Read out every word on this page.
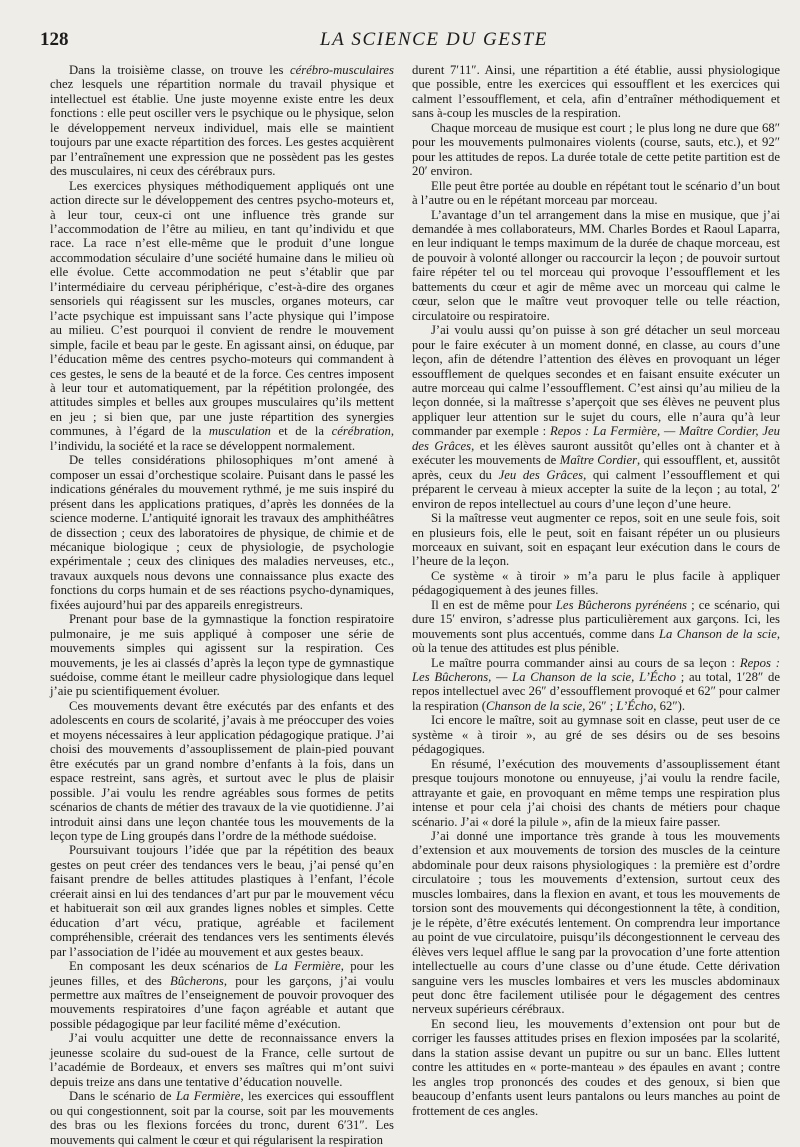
128	LA SCIENCE DU GESTE

Dans la troisième classe, on trouve les cérébro-musculaires chez lesquels une répartition normale du travail physique et intellectuel est établie. Une juste moyenne existe entre les deux fonctions : elle peut osciller vers le psychique ou le physique, selon le développement nerveux individuel, mais elle se maintient toujours par une exacte répartition des forces. Les gestes acquièrent par l’entraînement une expression que ne possèdent pas les gestes des musculaires, ni ceux des cérébraux purs.

Les exercices physiques méthodiquement appliqués ont une action directe sur le développement des centres psycho-moteurs et, à leur tour, ceux-ci ont une influence très grande sur l’accommodation de l’être au milieu, en tant qu’individu et que race. La race n’est elle-même que le produit d’une longue accommodation séculaire d’une société humaine dans le milieu où elle évolue. Cette accommodation ne peut s’établir que par l’intermédiaire du cerveau périphérique, c’est-à-dire des organes sensoriels qui réagissent sur les muscles, organes moteurs, car l’acte psychique est impuissant sans l’acte physique qui l’impose au milieu. C’est pourquoi il convient de rendre le mouvement simple, facile et beau par le geste. En agissant ainsi, on éduque, par l’éducation même des centres psycho-moteurs qui commandent à ces gestes, le sens de la beauté et de la force. Ces centres imposent à leur tour et automatiquement, par la répétition prolongée, des attitudes simples et belles aux groupes musculaires qu’ils mettent en jeu ; si bien que, par une juste répartition des synergies communes, à l’égard de la musculation et de la cérébration, l’individu, la société et la race se développent normalement.

De telles considérations philosophiques m’ont amené à composer un essai d’orchestique scolaire. Puisant dans le passé les indications générales du mouvement rythmé, je me suis inspiré du présent dans les applications pratiques, d’après les données de la science moderne. L’antiquité ignorait les travaux des amphithéâtres de dissection ; ceux des laboratoires de physique, de chimie et de mécanique biologique ; ceux de physiologie, de psychologie expérimentale ; ceux des cliniques des maladies nerveuses, etc., travaux auxquels nous devons une connaissance plus exacte des fonctions du corps humain et de ses réactions psycho-dynamiques, fixées aujourd’hui par des appareils enregistreurs.

Prenant pour base de la gymnastique la fonction respiratoire pulmonaire, je me suis appliqué à composer une série de mouvements simples qui agissent sur la respiration. Ces mouvements, je les ai classés d’après la leçon type de gymnastique suédoise, comme étant le meilleur cadre physiologique dans lequel j’aie pu scientifiquement évoluer.

Ces mouvements devant être exécutés par des enfants et des adolescents en cours de scolarité, j’avais à me préoccuper des voies et moyens nécessaires à leur application pédagogique pratique. J’ai choisi des mouvements d’assouplissement de plain-pied pouvant être exécutés par un grand nombre d’enfants à la fois, dans un espace restreint, sans agrès, et surtout avec le plus de plaisir possible. J’ai voulu les rendre agréables sous formes de petits scénarios de chants de métier des travaux de la vie quotidienne. J’ai introduit ainsi dans une leçon chantée tous les mouvements de la leçon type de Ling groupés dans l’ordre de la méthode suédoise.

Poursuivant toujours l’idée que par la répétition des beaux gestes on peut créer des tendances vers le beau, j’ai pensé qu’en faisant prendre de belles attitudes plastiques à l’enfant, l’école créerait ainsi en lui des tendances d’art pur par le mouvement vécu et habituerait son œil aux grandes lignes nobles et simples. Cette éducation d’art vécu, pratique, agréable et facilement compréhensible, créerait des tendances vers les sentiments élevés par l’association de l’idée au mouvement et aux gestes beaux.

En composant les deux scénarios de La Fermière, pour les jeunes filles, et des Bûcherons, pour les garçons, j’ai voulu permettre aux maîtres de l’enseignement de pouvoir provoquer des mouvements respiratoires d’une façon agréable et autant que possible pédagogique par leur facilité même d’exécution.

J’ai voulu acquitter une dette de reconnaissance envers la jeunesse scolaire du sud-ouest de la France, celle surtout de l’académie de Bordeaux, et envers ses maîtres qui m’ont suivi depuis treize ans dans une tentative d’éducation nouvelle.

Dans le scénario de La Fermière, les exercices qui essoufflent ou qui congestionnent, soit par la course, soit par les mouvements des bras ou les flexions forcées du tronc, durent 6′31″. Les mouvements qui calment le cœur et qui régularisent la respiration

durent 7′11″. Ainsi, une répartition a été établie, aussi physiologique que possible, entre les exercices qui essoufflent et les exercices qui calment l’essoufflement, et cela, afin d’entraîner méthodiquement et sans à-coup les muscles de la respiration.

Chaque morceau de musique est court ; le plus long ne dure que 68″ pour les mouvements pulmonaires violents (course, sauts, etc.), et 92″ pour les attitudes de repos. La durée totale de cette petite partition est de 20′ environ.

Elle peut être portée au double en répétant tout le scénario d’un bout à l’autre ou en le répétant morceau par morceau.

L’avantage d’un tel arrangement dans la mise en musique, que j’ai demandée à mes collaborateurs, MM. Charles Bordes et Raoul Laparra, en leur indiquant le temps maximum de la durée de chaque morceau, est de pouvoir à volonté allonger ou raccourcir la leçon ; de pouvoir surtout faire répéter tel ou tel morceau qui provoque l’essoufflement et les battements du cœur et agir de même avec un morceau qui calme le cœur, selon que le maître veut provoquer telle ou telle réaction, circulatoire ou respiratoire.

J’ai voulu aussi qu’on puisse à son gré détacher un seul morceau pour le faire exécuter à un moment donné, en classe, au cours d’une leçon, afin de détendre l’attention des élèves en provoquant un léger essoufflement de quelques secondes et en faisant ensuite exécuter un autre morceau qui calme l’essoufflement. C’est ainsi qu’au milieu de la leçon donnée, si la maîtresse s’aperçoit que ses élèves ne peuvent plus appliquer leur attention sur le sujet du cours, elle n’aura qu’à leur commander par exemple : Repos : La Fermière, — Maître Cordier, Jeu des Grâces, et les élèves sauront aussitôt qu’elles ont à chanter et à exécuter les mouvements de Maître Cordier, qui essoufflent, et, aussitôt après, ceux du Jeu des Grâces, qui calment l’essoufflement et qui préparent le cerveau à mieux accepter la suite de la leçon ; au total, 2′ environ de repos intellectuel au cours d’une leçon d’une heure.

Si la maîtresse veut augmenter ce repos, soit en une seule fois, soit en plusieurs fois, elle le peut, soit en faisant répéter un ou plusieurs morceaux en suivant, soit en espaçant leur exécution dans le cours de l’heure de la leçon.

Ce système « à tiroir » m’a paru le plus facile à appliquer pédagogiquement à des jeunes filles.

Il en est de même pour Les Bûcherons pyrénéens ; ce scénario, qui dure 15′ environ, s’adresse plus particulièrement aux garçons. Ici, les mouvements sont plus accentués, comme dans La Chanson de la scie, où la tenue des attitudes est plus pénible.

Le maître pourra commander ainsi au cours de sa leçon : Repos : Les Bûcherons, — La Chanson de la scie, L’Écho ; au total, 1′28″ de repos intellectuel avec 26″ d’essoufflement provoqué et 62″ pour calmer la respiration (Chanson de la scie, 26″ ; L’Écho, 62″).

Ici encore le maître, soit au gymnase soit en classe, peut user de ce système « à tiroir », au gré de ses désirs ou de ses besoins pédagogiques.

En résumé, l’exécution des mouvements d’assouplissement étant presque toujours monotone ou ennuyeuse, j’ai voulu la rendre facile, attrayante et gaie, en provoquant en même temps une respiration plus intense et pour cela j’ai choisi des chants de métiers pour chaque scénario. J’ai « doré la pilule », afin de la mieux faire passer.

J’ai donné une importance très grande à tous les mouvements d’extension et aux mouvements de torsion des muscles de la ceinture abdominale pour deux raisons physiologiques : la première est d’ordre circulatoire ; tous les mouvements d’extension, surtout ceux des muscles lombaires, dans la flexion en avant, et tous les mouvements de torsion sont des mouvements qui décongestionnent la tête, à condition, je le répète, d’être exécutés lentement. On comprendra leur importance au point de vue circulatoire, puisqu’ils décongestionnent le cerveau des élèves vers lequel afflue le sang par la provocation d’une forte attention intellectuelle au cours d’une classe ou d’une étude. Cette dérivation sanguine vers les muscles lombaires et vers les muscles abdominaux peut donc être facilement utilisée pour le dégagement des centres nerveux supérieurs cérébraux.

En second lieu, les mouvements d’extension ont pour but de corriger les fausses attitudes prises en flexion imposées par la scolarité, dans la station assise devant un pupitre ou sur un banc. Elles luttent contre les attitudes en « porte-manteau » des épaules en avant ; contre les angles trop prononcés des coudes et des genoux, si bien que beaucoup d’enfants usent leurs pantalons ou leurs manches au point de frottement de ces angles.
